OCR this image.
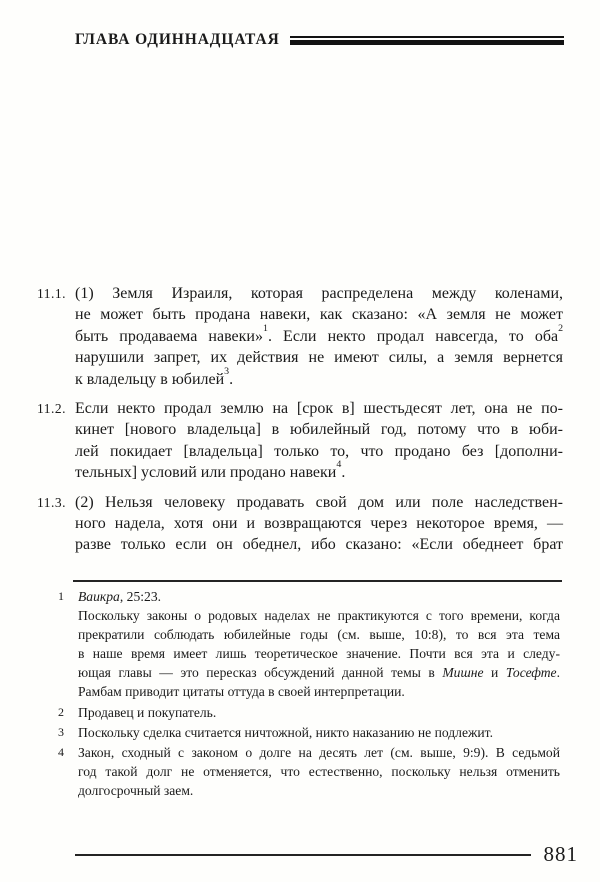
ГЛАВА ОДИННАДЦАТАЯ
11.1. (1) Земля Израиля, которая распределена между коленами,
не может быть продана навеки, как сказано: «А земля не может
быть продаваема навеки»$^1$. Если некто продал навсегда, то оба$^2$
нарушили запрет, их действия не имеют силы, а земля вернется
к владельцу в юбилей$^3$.
11.2. Если некто продал землю на [срок в] шестьдесят лет, она не по-
кинет [нового владельца] в юбилейный год, потому что в юби-
лей покидает [владельца] только то, что продано без [дополни-
тельных] условий или продано навеки$^4$.
11.3. (2) Нельзя человеку продавать свой дом или поле наследствен-
ного надела, хотя они и возвращаются через некоторое время, —
разве только если он обеднел, ибо сказано: «Если обеднеет брат
1	Ваикра, 25:23.
Поскольку законы о родовых наделах не практикуются с того времени, когда
прекратили соблюдать юбилейные годы (см. выше, 10:8), то вся эта тема
в наше время имеет лишь теоретическое значение. Почти вся эта и следу-
ющая главы — это пересказ обсуждений данной темы в Мишне и Тосефте.
Рамбам приводит цитаты оттуда в своей интерпретации.
2	Продавец и покупатель.
3	Поскольку сделка считается ничтожной, никто наказанию не подлежит.
4	Закон, сходный с законом о долге на десять лет (см. выше, 9:9). В седьмой
год такой долг не отменяется, что естественно, поскольку нельзя отменить
долгосрочный заем.
881
